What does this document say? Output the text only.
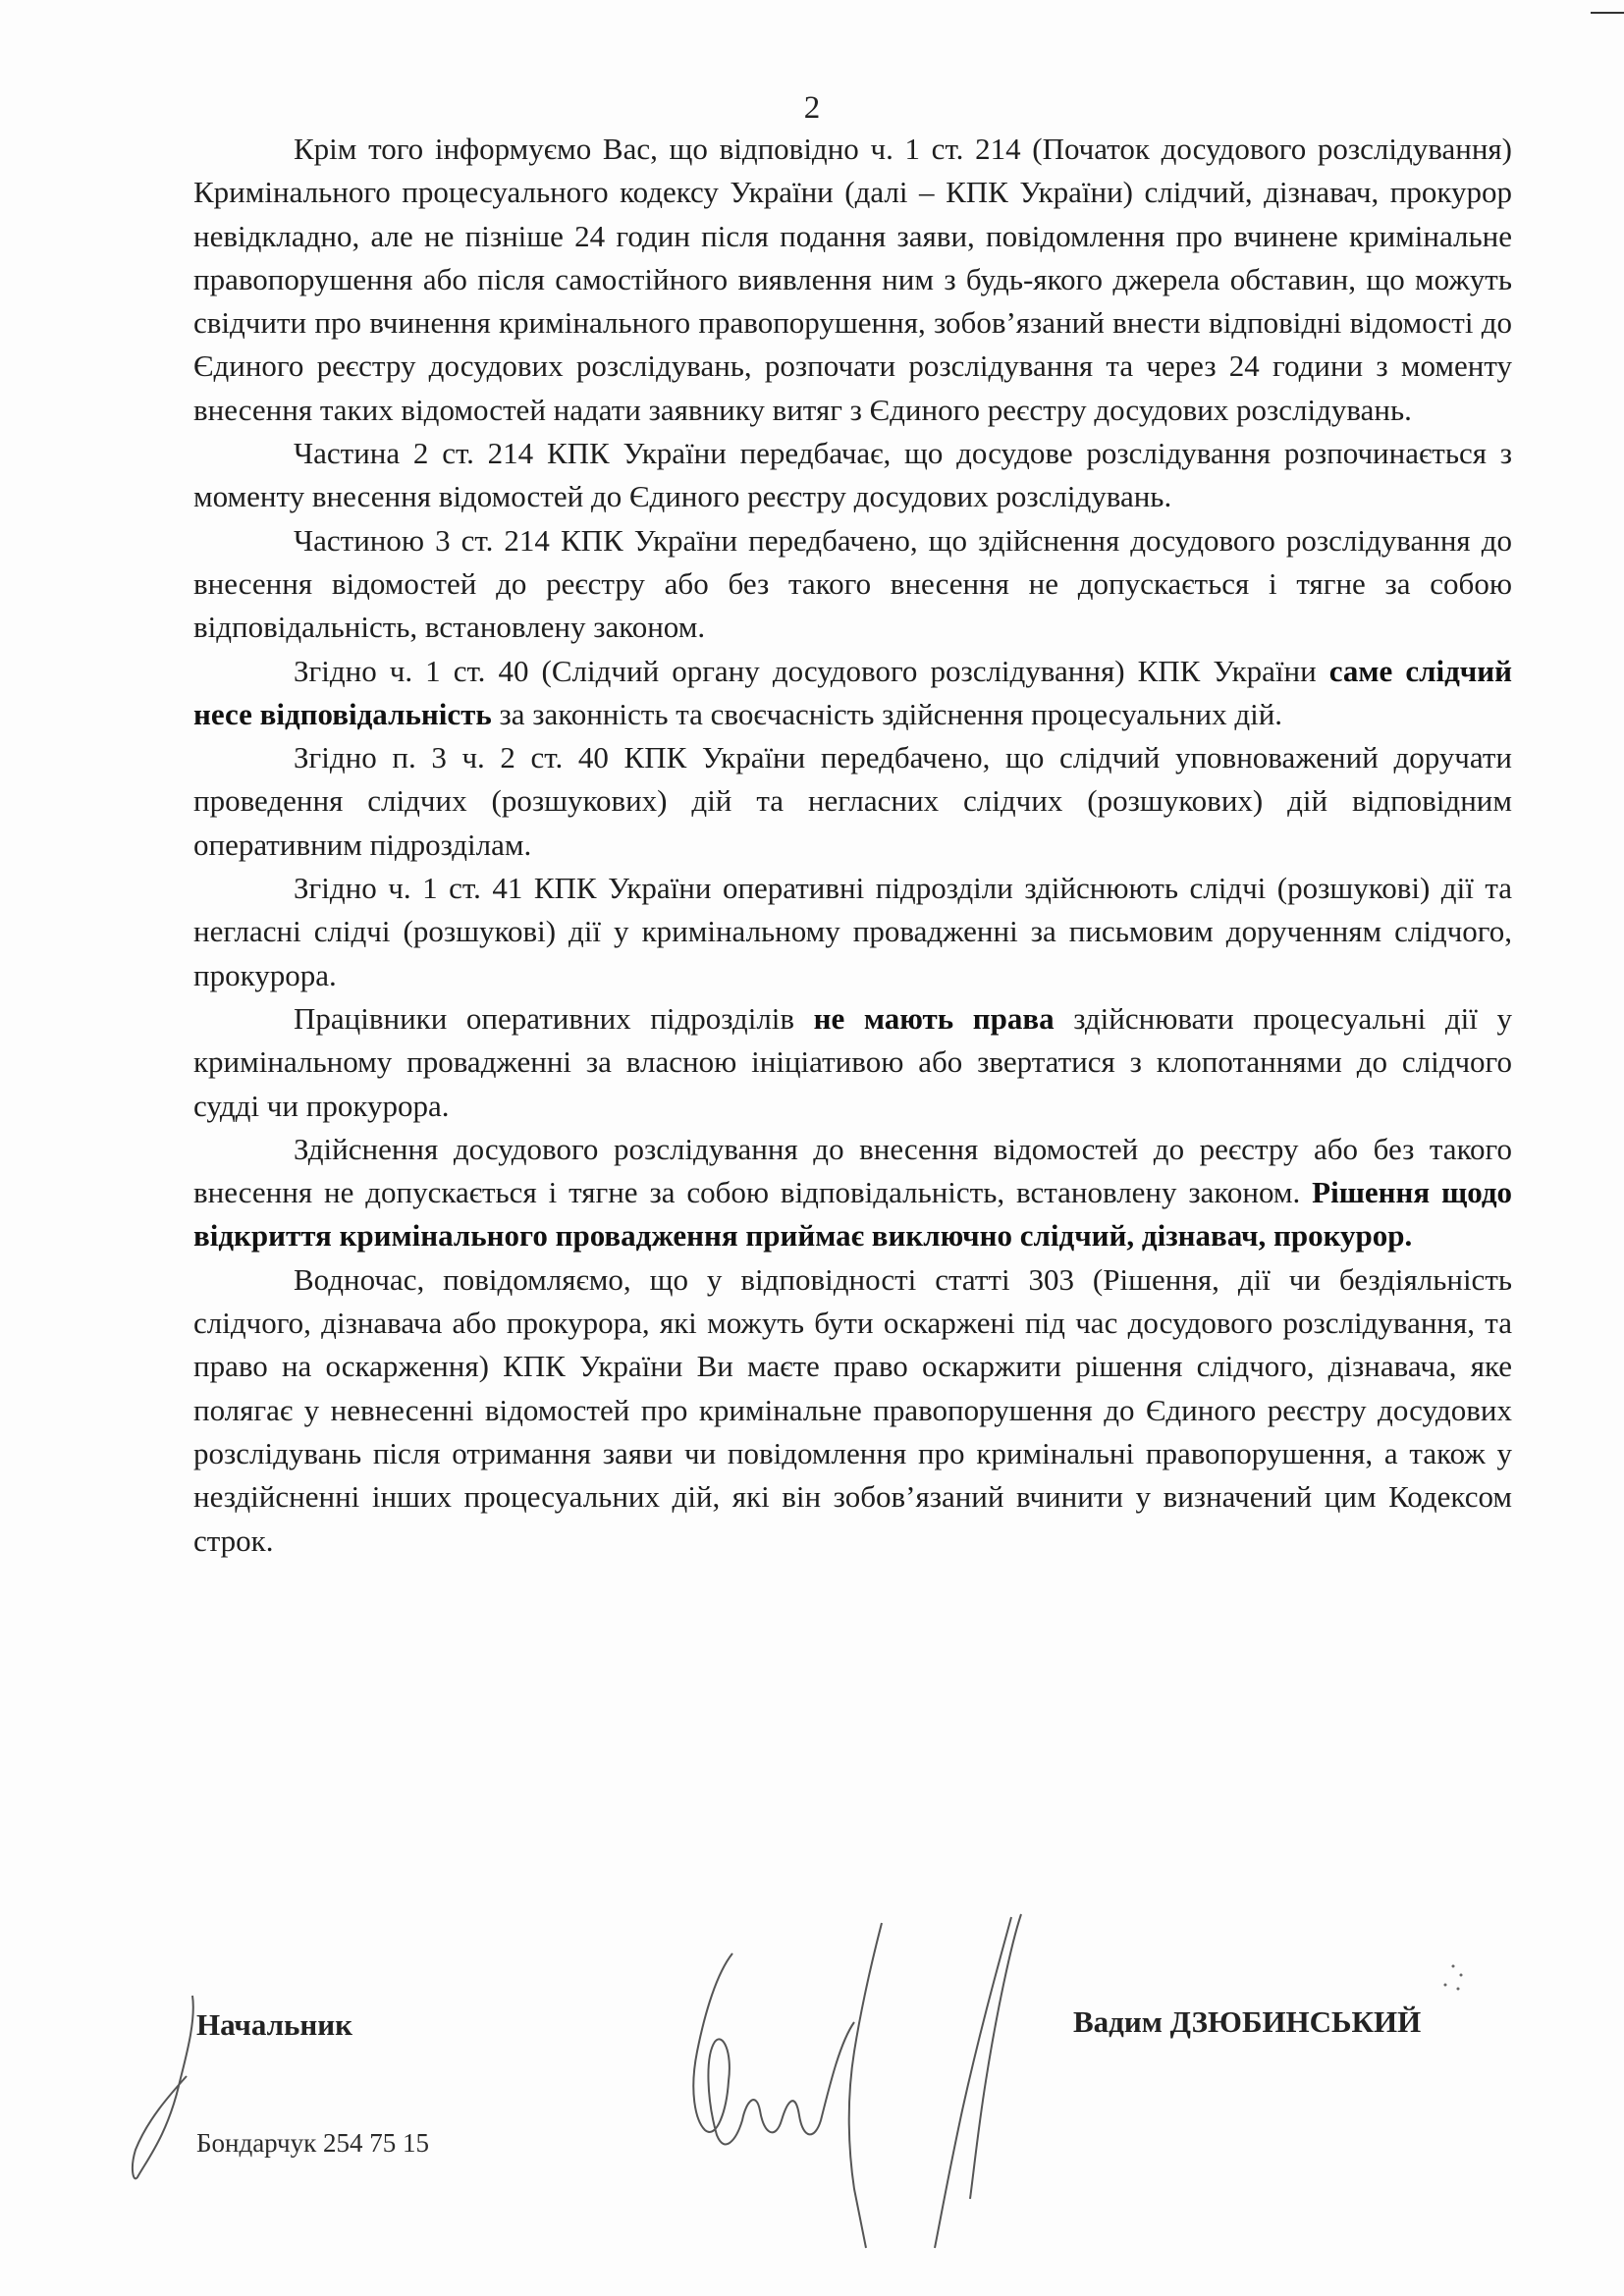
2

Крім того інформуємо Вас, що відповідно ч. 1 ст. 214 (Початок досудового розслідування) Кримінального процесуального кодексу України (далі – КПК України) слідчий, дізнавач, прокурор невідкладно, але не пізніше 24 годин після подання заяви, повідомлення про вчинене кримінальне правопорушення або після самостійного виявлення ним з будь-якого джерела обставин, що можуть свідчити про вчинення кримінального правопорушення, зобов’язаний внести відповідні відомості до Єдиного реєстру досудових розслідувань, розпочати розслідування та через 24 години з моменту внесення таких відомостей надати заявнику витяг з Єдиного реєстру досудових розслідувань.

Частина 2 ст. 214 КПК України передбачає, що досудове розслідування розпочинається з моменту внесення відомостей до Єдиного реєстру досудових розслідувань.

Частиною 3 ст. 214 КПК України передбачено, що здійснення досудового розслідування до внесення відомостей до реєстру або без такого внесення не допускається і тягне за собою відповідальність, встановлену законом.

Згідно ч. 1 ст. 40 (Слідчий органу досудового розслідування) КПК України саме слідчий несе відповідальність за законність та своєчасність здійснення процесуальних дій.

Згідно п. 3 ч. 2 ст. 40 КПК України передбачено, що слідчий уповноважений доручати проведення слідчих (розшукових) дій та негласних слідчих (розшукових) дій відповідним оперативним підрозділам.

Згідно ч. 1 ст. 41 КПК України оперативні підрозділи здійснюють слідчі (розшукові) дії та негласні слідчі (розшукові) дії у кримінальному провадженні за письмовим дорученням слідчого, прокурора.

Працівники оперативних підрозділів не мають права здійснювати процесуальні дії у кримінальному провадженні за власною ініціативою або звертатися з клопотаннями до слідчого судді чи прокурора.

Здійснення досудового розслідування до внесення відомостей до реєстру або без такого внесення не допускається і тягне за собою відповідальність, встановлену законом. Рішення щодо відкриття кримінального провадження приймає виключно слідчий, дізнавач, прокурор.

Водночас, повідомляємо, що у відповідності статті 303 (Рішення, дії чи бездіяльність слідчого, дізнавача або прокурора, які можуть бути оскаржені під час досудового розслідування, та право на оскарження) КПК України Ви маєте право оскаржити рішення слідчого, дізнавача, яке полягає у невнесенні відомостей про кримінальне правопорушення до Єдиного реєстру досудових розслідувань після отримання заяви чи повідомлення про кримінальні правопорушення, а також у нездійсненні інших процесуальних дій, які він зобов’язаний вчинити у визначений цим Кодексом строк.

Начальник	Вадим ДЗЮБИНСЬКИЙ
Бондарчук 254 75 15
